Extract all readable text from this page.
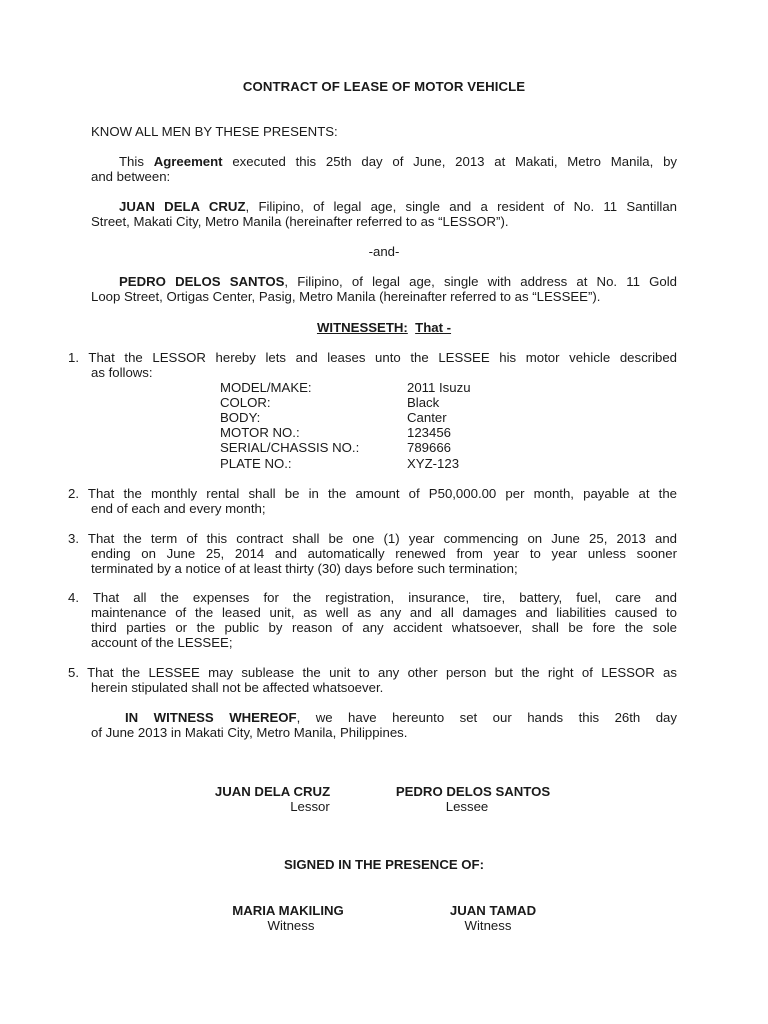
CONTRACT OF LEASE OF MOTOR VEHICLE
KNOW ALL MEN BY THESE PRESENTS:
This Agreement executed this 25th day of June, 2013 at Makati, Metro Manila, by
and between:
JUAN DELA CRUZ, Filipino, of legal age, single and a resident of No. 11 Santillan
Street, Makati City, Metro Manila (hereinafter referred to as “LESSOR”).
-and-
PEDRO DELOS SANTOS, Filipino, of legal age, single with address at No. 11 Gold
Loop Street, Ortigas Center, Pasig, Metro Manila (hereinafter referred to as “LESSEE”).
WITNESSETH: That -
1. That the LESSOR hereby lets and leases unto the LESSEE his motor vehicle described
as follows:
MODEL/MAKE:	2011 Isuzu
COLOR:	Black
BODY:	Canter
MOTOR NO.:	123456
SERIAL/CHASSIS NO.:	789666
PLATE NO.:	XYZ-123
2. That the monthly rental shall be in the amount of P50,000.00 per month, payable at the
end of each and every month;
3. That the term of this contract shall be one (1) year commencing on June 25, 2013 and
ending on June 25, 2014 and automatically renewed from year to year unless sooner
terminated by a notice of at least thirty (30) days before such termination;
4. That all the expenses for the registration, insurance, tire, battery, fuel, care and
maintenance of the leased unit, as well as any and all damages and liabilities caused to
third parties or the public by reason of any accident whatsoever, shall be fore the sole
account of the LESSEE;
5. That the LESSEE may sublease the unit to any other person but the right of LESSOR as
herein stipulated shall not be affected whatsoever.
IN WITNESS WHEREOF, we have hereunto set our hands this 26th day
of June 2013 in Makati City, Metro Manila, Philippines.
JUAN DELA CRUZ
Lessor
PEDRO DELOS SANTOS
Lessee
SIGNED IN THE PRESENCE OF:
MARIA MAKILING
Witness
JUAN TAMAD
Witness
